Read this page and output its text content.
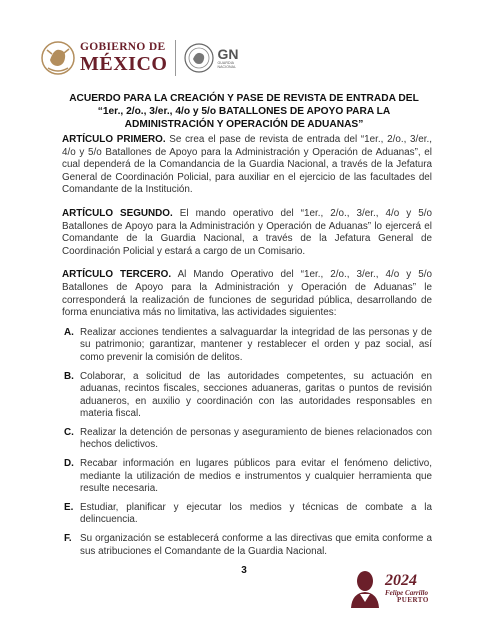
GOBIERNO DE
MÉXICO	GN
GUARDIA
NACIONAL
ACUERDO PARA LA CREACIÓN Y PASE DE REVISTA DE ENTRADA DEL “1er., 2/o., 3/er., 4/o y 5/o BATALLONES DE APOYO PARA LA ADMINISTRACIÓN Y OPERACIÓN DE ADUANAS”

ARTÍCULO PRIMERO. Se crea el pase de revista de entrada del “1er., 2/o., 3/er., 4/o y 5/o Batallones de Apoyo para la Administración y Operación de Aduanas”, el cual dependerá de la Comandancia de la Guardia Nacional, a través de la Jefatura General de Coordinación Policial, para auxiliar en el ejercicio de las facultades del Comandante de la Institución.

ARTÍCULO SEGUNDO. El mando operativo del “1er., 2/o., 3/er., 4/o y 5/o Batallones de Apoyo para la Administración y Operación de Aduanas” lo ejercerá el Comandante de la Guardia Nacional, a través de la Jefatura General de Coordinación Policial y estará a cargo de un Comisario.

ARTÍCULO TERCERO. Al Mando Operativo del “1er., 2/o., 3/er., 4/o y 5/o Batallones de Apoyo para la Administración y Operación de Aduanas” le corresponderá la realización de funciones de seguridad pública, desarrollando de forma enunciativa más no limitativa, las actividades siguientes:

A. Realizar acciones tendientes a salvaguardar la integridad de las personas y de su patrimonio; garantizar, mantener y restablecer el orden y paz social, así como prevenir la comisión de delitos.
B. Colaborar, a solicitud de las autoridades competentes, su actuación en aduanas, recintos fiscales, secciones aduaneras, garitas o puntos de revisión aduaneros, en auxilio y coordinación con las autoridades responsables en materia fiscal.
C. Realizar la detención de personas y aseguramiento de bienes relacionados con hechos delictivos.
D. Recabar información en lugares públicos para evitar el fenómeno delictivo, mediante la utilización de medios e instrumentos y cualquier herramienta que resulte necesaria.
E. Estudiar, planificar y ejecutar los medios y técnicas de combate a la delincuencia.
F. Su organización se establecerá conforme a las directivas que emita conforme a sus atribuciones el Comandante de la Guardia Nacional.
3
2024
Felipe Carrillo
PUERTO
